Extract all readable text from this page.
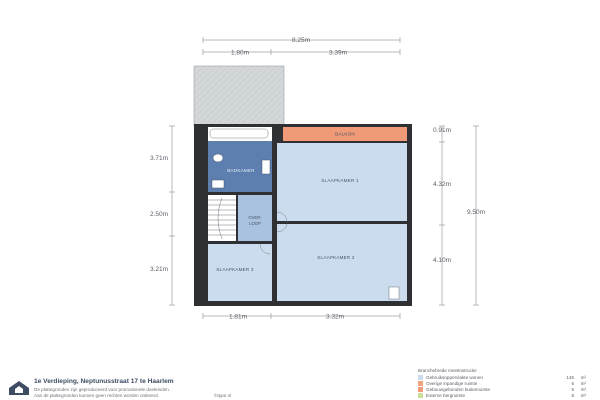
8.25m
1.80m	3.39m
3.71m
2.50m
3.21m
0.91m
4.32m
4.10m
9.50m
1.81m	3.32m
BALKON
SLAAPKAMER 1
BADKAMER
OVER-
LOOP
SLAAPKAMER 2
SLAAPKAMER 3
1e Verdieping, Neptunusstraat 17 te Haarlem
De plattegronden zijn geproduceerd voor promotionele doeleinden.
Aan de plattegronden kunnen geen rechten worden ontleend.	©Ippe.nl
Branchebrede meetinstructie
Gebruiksoppervlakte wonen	145 m²
Overige inpandige ruimte	6 m²
Gebouwgebonden buitenruimte	5 m²
Externe bergruimte	8 m²
